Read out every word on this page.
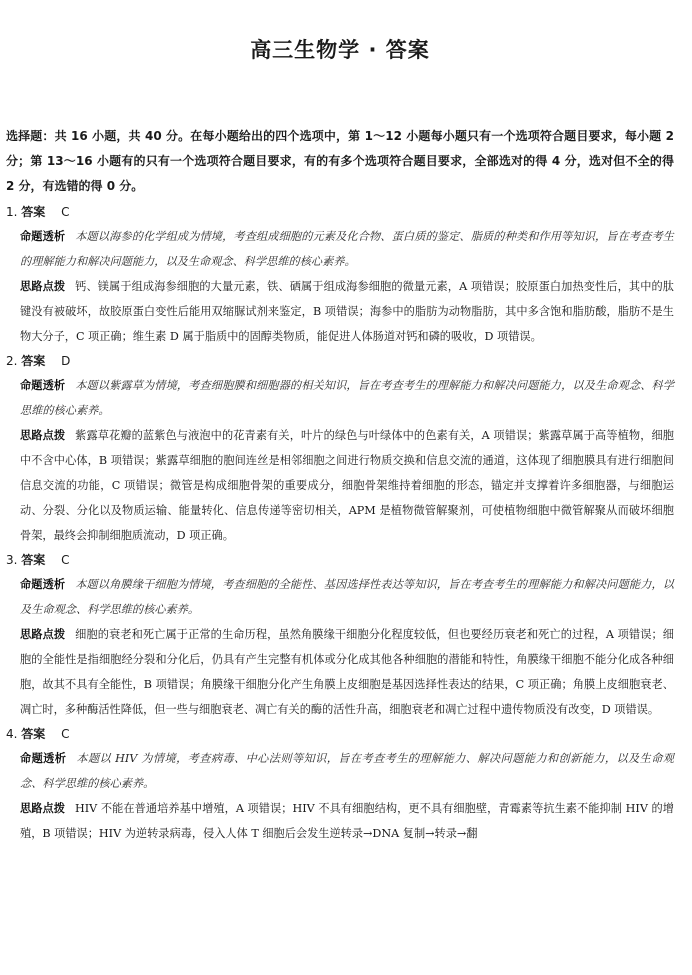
高三生物学 · 答案

选择题：共 16 小题，共 40 分。在每小题给出的四个选项中，第 1～12 小题每小题只有一个选项符合题目要求，每小题 2 分；第 13～16 小题有的只有一个选项符合题目要求，有的有多个选项符合题目要求，全部选对的得 4 分，选对但不全的得 2 分，有选错的得 0 分。

1. 答案 C

命题透析 本题以海参的化学组成为情境，考查组成细胞的元素及化合物、蛋白质的鉴定、脂质的种类和作用等知识，旨在考查考生的理解能力和解决问题能力，以及生命观念、科学思维的核心素养。

思路点拨 钙、镁属于组成海参细胞的大量元素，铁、硒属于组成海参细胞的微量元素，A 项错误；胶原蛋白加热变性后，其中的肽键没有被破坏，故胶原蛋白变性后能用双缩脲试剂来鉴定，B 项错误；海参中的脂肪为动物脂肪，其中多含饱和脂肪酸，脂肪不是生物大分子，C 项正确；维生素 D 属于脂质中的固醇类物质，能促进人体肠道对钙和磷的吸收，D 项错误。

2. 答案 D

命题透析 本题以紫露草为情境，考查细胞膜和细胞器的相关知识，旨在考查考生的理解能力和解决问题能力，以及生命观念、科学思维的核心素养。

思路点拨 紫露草花瓣的蓝紫色与液泡中的花青素有关，叶片的绿色与叶绿体中的色素有关，A 项错误；紫露草属于高等植物，细胞中不含中心体，B 项错误；紫露草细胞的胞间连丝是相邻细胞之间进行物质交换和信息交流的通道，这体现了细胞膜具有进行细胞间信息交流的功能，C 项错误；微管是构成细胞骨架的重要成分，细胞骨架维持着细胞的形态，锚定并支撑着许多细胞器，与细胞运动、分裂、分化以及物质运输、能量转化、信息传递等密切相关，APM 是植物微管解聚剂，可使植物细胞中微管解聚从而破坏细胞骨架，最终会抑制细胞质流动，D 项正确。

3. 答案 C

命题透析 本题以角膜缘干细胞为情境，考查细胞的全能性、基因选择性表达等知识，旨在考查考生的理解能力和解决问题能力，以及生命观念、科学思维的核心素养。

思路点拨 细胞的衰老和死亡属于正常的生命历程，虽然角膜缘干细胞分化程度较低，但也要经历衰老和死亡的过程，A 项错误；细胞的全能性是指细胞经分裂和分化后，仍具有产生完整有机体或分化成其他各种细胞的潜能和特性，角膜缘干细胞不能分化成各种细胞，故其不具有全能性，B 项错误；角膜缘干细胞分化产生角膜上皮细胞是基因选择性表达的结果，C 项正确；角膜上皮细胞衰老、凋亡时，多种酶活性降低，但一些与细胞衰老、凋亡有关的酶的活性升高，细胞衰老和凋亡过程中遗传物质没有改变，D 项错误。

4. 答案 C

命题透析 本题以 HIV 为情境，考查病毒、中心法则等知识，旨在考查考生的理解能力、解决问题能力和创新能力，以及生命观念、科学思维的核心素养。

思路点拨 HIV 不能在普通培养基中增殖，A 项错误；HIV 不具有细胞结构，更不具有细胞壁，青霉素等抗生素不能抑制 HIV 的增殖，B 项错误；HIV 为逆转录病毒，侵入人体 T 细胞后会发生逆转录→DNA 复制→转录→翻
